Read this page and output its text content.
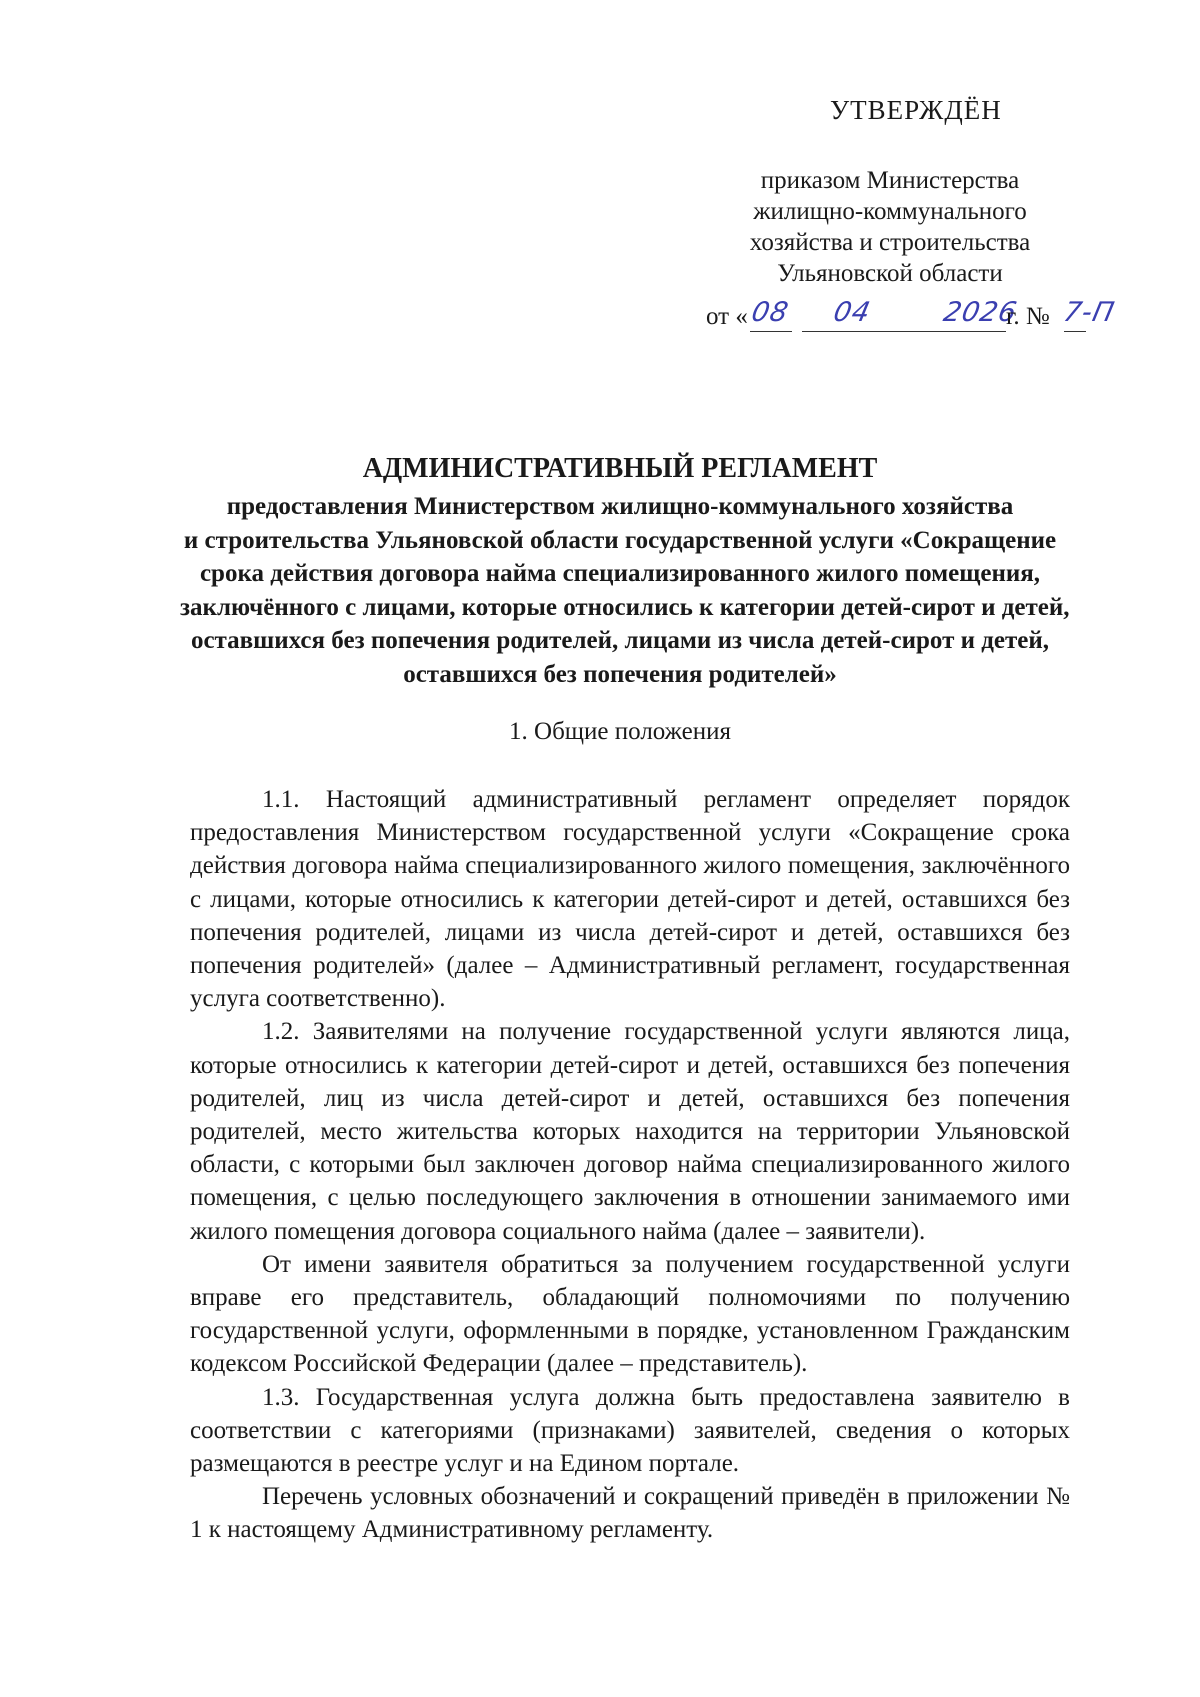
УТВЕРЖДЁН
приказом Министерства
жилищно-коммунального
хозяйства и строительства
Ульяновской области
от « 08 04 2026
г. № 7-П
АДМИНИСТРАТИВНЫЙ РЕГЛАМЕНТ
предоставления Министерством жилищно-коммунального хозяйства
и строительства Ульяновской области государственной услуги «Сокращение
срока действия договора найма специализированного жилого помещения,
заключённого с лицами, которые относились к категории детей-сирот и детей,
оставшихся без попечения родителей, лицами из числа детей-сирот и детей,
оставшихся без попечения родителей»
1. Общие положения

1.1. Настоящий административный регламент определяет порядок предоставления Министерством государственной услуги «Сокращение срока действия договора найма специализированного жилого помещения, заключённого с лицами, которые относились к категории детей-сирот и детей, оставшихся без попечения родителей, лицами из числа детей-сирот и детей, оставшихся без попечения родителей» (далее – Административный регламент, государственная услуга соответственно).

1.2. Заявителями на получение государственной услуги являются лица, которые относились к категории детей-сирот и детей, оставшихся без попечения родителей, лиц из числа детей-сирот и детей, оставшихся без попечения родителей, место жительства которых находится на территории Ульяновской области, с которыми был заключен договор найма специализированного жилого помещения, с целью последующего заключения в отношении занимаемого ими жилого помещения договора социального найма (далее – заявители).

От имени заявителя обратиться за получением государственной услуги вправе его представитель, обладающий полномочиями по получению государственной услуги, оформленными в порядке, установленном Гражданским кодексом Российской Федерации (далее – представитель).

1.3. Государственная услуга должна быть предоставлена заявителю в соответствии с категориями (признаками) заявителей, сведения о которых размещаются в реестре услуг и на Едином портале.

Перечень условных обозначений и сокращений приведён в приложении № 1 к настоящему Административному регламенту.
